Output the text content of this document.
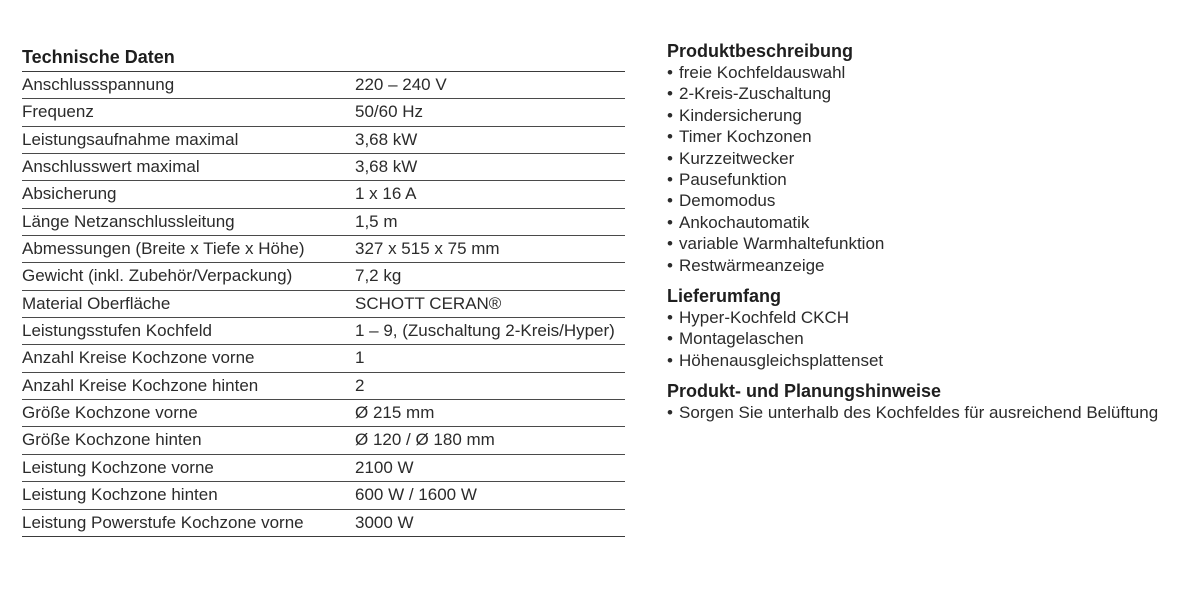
Technische Daten
Anschlussspannung	220 – 240 V
Frequenz	50/60 Hz
Leistungsaufnahme maximal	3,68 kW
Anschlusswert maximal	3,68 kW
Absicherung	1 x 16 A
Länge Netzanschlussleitung	1,5 m
Abmessungen (Breite x Tiefe x Höhe)	327 x 515 x 75 mm
Gewicht (inkl. Zubehör/Verpackung)	7,2 kg
Material Oberfläche	SCHOTT CERAN®
Leistungsstufen Kochfeld	1 – 9, (Zuschaltung 2-Kreis/Hyper)
Anzahl Kreise Kochzone vorne	1
Anzahl Kreise Kochzone hinten	2
Größe Kochzone vorne	Ø 215 mm
Größe Kochzone hinten	Ø 120 / Ø 180 mm
Leistung Kochzone vorne	2100 W
Leistung Kochzone hinten	600 W / 1600 W
Leistung Powerstufe Kochzone vorne	3000 W
Produktbeschreibung
• freie Kochfeldauswahl
• 2-Kreis-Zuschaltung
• Kindersicherung
• Timer Kochzonen
• Kurzzeitwecker
• Pausefunktion
• Demomodus
• Ankochautomatik
• variable Warmhaltefunktion
• Restwärmeanzeige
Lieferumfang
• Hyper-Kochfeld CKCH
• Montagelaschen
• Höhenausgleichsplattenset
Produkt- und Planungshinweise
• Sorgen Sie unterhalb des Kochfeldes für ausreichend Belüftung
